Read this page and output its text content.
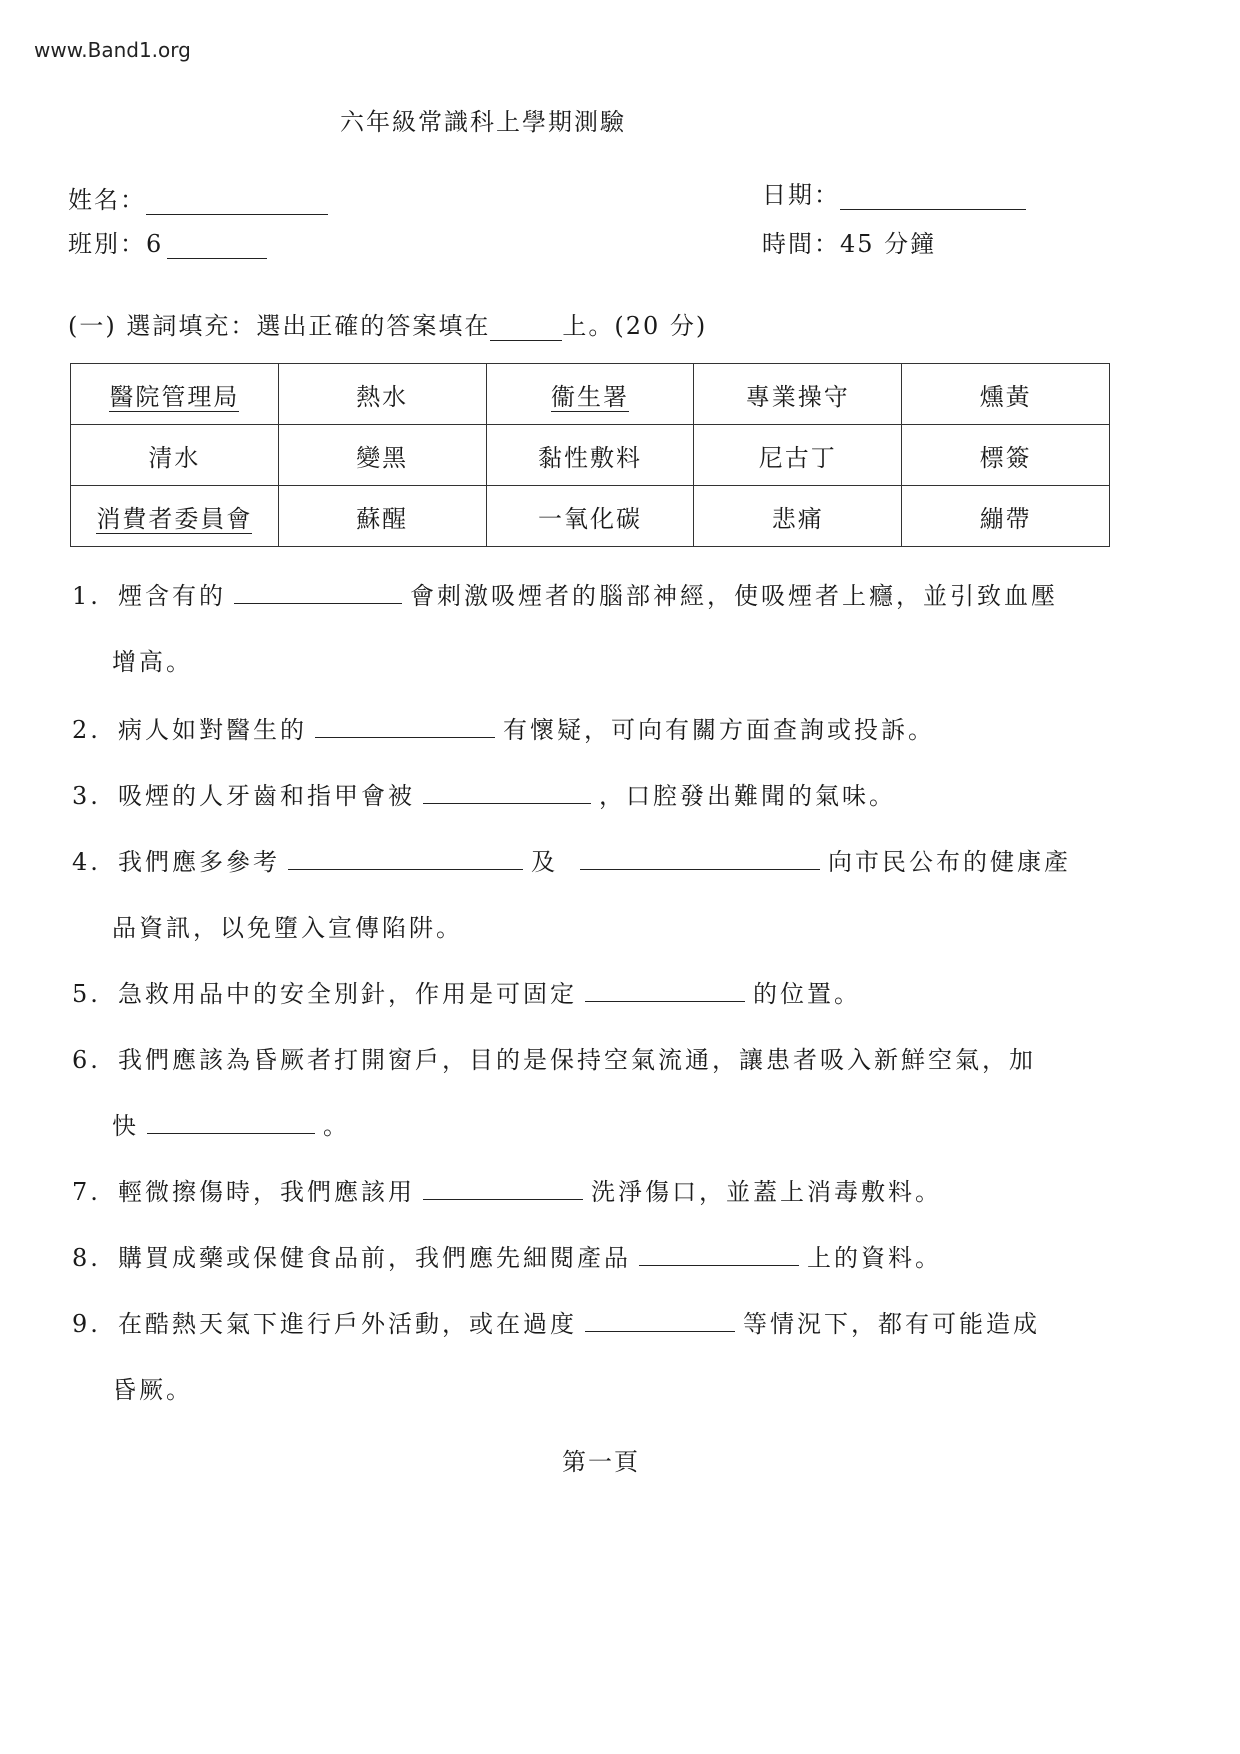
www.Band1.org
六年級常識科上學期測驗
姓名：	日期：
班別：6	時間：45 分鐘
(一) 選詞填充：選出正確的答案填在	上。(20 分)
醫院管理局	熱水	衞生署	專業操守	燻黃
清水	變黑	黏性敷料	尼古丁	標簽
消費者委員會	蘇醒	一氧化碳	悲痛	繃帶
1. 煙含有的	會刺激吸煙者的腦部神經，使吸煙者上癮，並引致血壓
增高。
2. 病人如對醫生的	有懷疑，可向有關方面查詢或投訴。
3. 吸煙的人牙齒和指甲會被	，口腔發出難聞的氣味。
4. 我們應多參考	及	向市民公布的健康產
品資訊，以免墮入宣傳陷阱。
5. 急救用品中的安全別針，作用是可固定	的位置。
6. 我們應該為昏厥者打開窗戶，目的是保持空氣流通，讓患者吸入新鮮空氣，加
快	。
7. 輕微擦傷時，我們應該用	洗淨傷口，並蓋上消毒敷料。
8. 購買成藥或保健食品前，我們應先細閱產品	上的資料。
9. 在酷熱天氣下進行戶外活動，或在過度	等情況下，都有可能造成
昏厥。
第一頁
